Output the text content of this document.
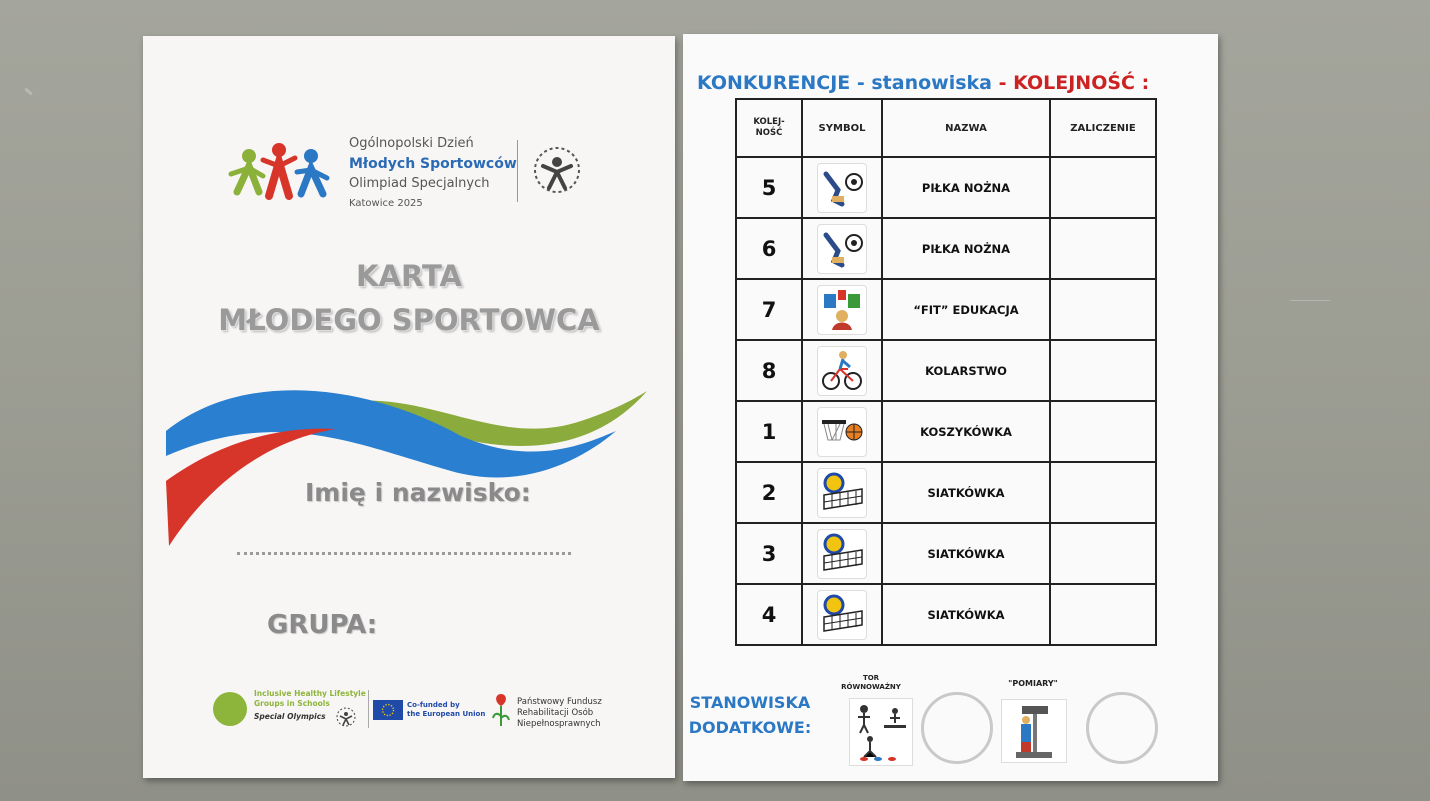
Ogólnopolski Dzień
Młodych Sportowców
Olimpiad Specjalnych
Katowice 2025
KARTA
MŁODEGO SPORTOWCA
Imię i nazwisko:
GRUPA:
Inclusive Healthy Lifestyle
Groups in Schools
Special Olympics
Co-funded by
the European Union
Państwowy Fundusz
Rehabilitacji Osób
Niepełnosprawnych
KONKURENCJE - stanowiska - KOLEJNOŚĆ :
KOLEJ-
NOŚĆ	SYMBOL	NAZWA	ZALICZENIE
5		PIŁKA NOŻNA	
6		PIŁKA NOŻNA	
7		“FIT” EDUKACJA	
8		KOLARSTWO	
1		KOSZYKÓWKA	
2		SIATKÓWKA	
3		SIATKÓWKA	
4		SIATKÓWKA	
STANOWISKA
DODATKOWE:
TOR
RÓWNOWAŻNY	"POMIARY"
